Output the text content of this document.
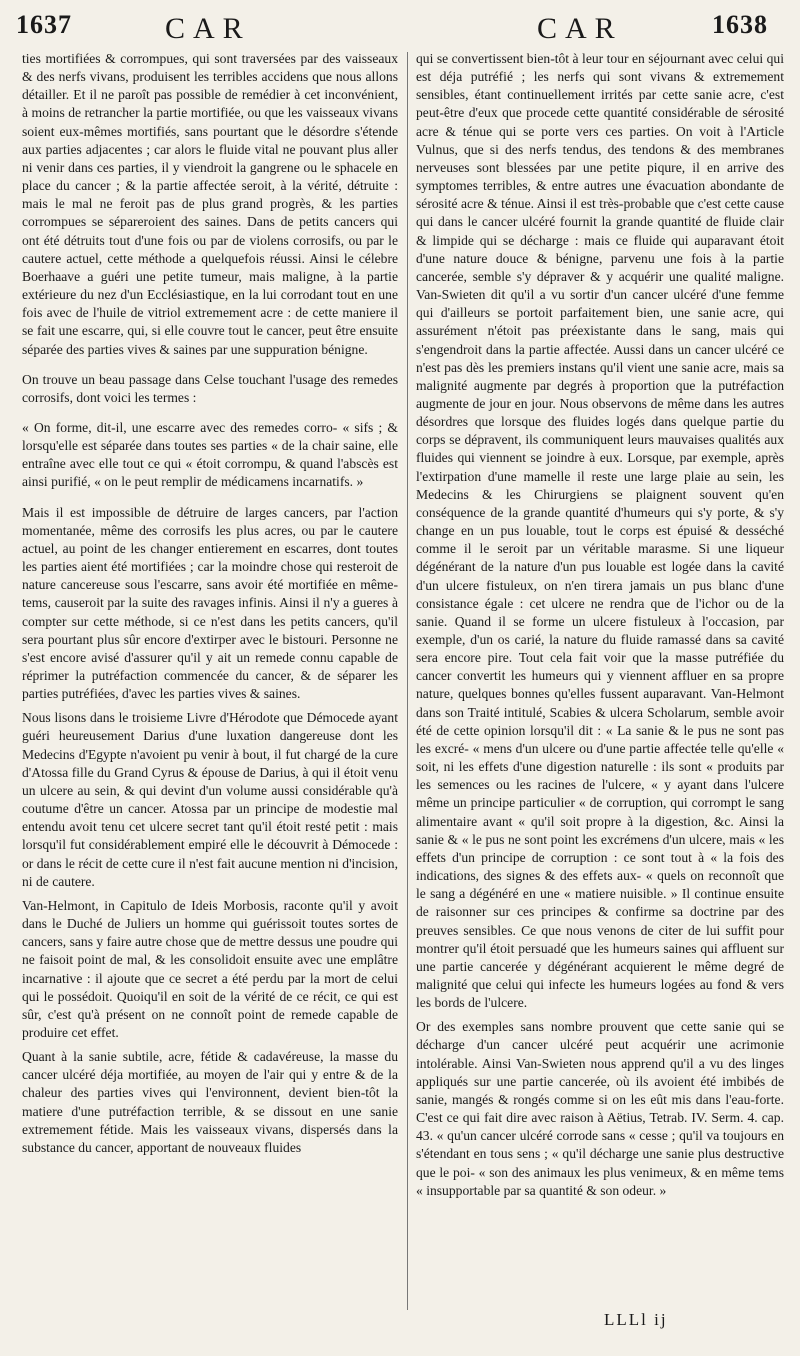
1637	CAR	CAR	1638

ties mortifiées & corrompues, qui sont traversées par des vaisseaux & des nerfs vivans, produisent les terribles accidens que nous allons détailler. Et il ne paroît pas possible de remédier à cet inconvénient, à moins de retrancher la partie mortifiée, ou que les vaisseaux vivans soient eux-mêmes mortifiés, sans pourtant que le désordre s'étende aux parties adjacentes ; car alors le fluide vital ne pouvant plus aller ni venir dans ces parties, il y viendroit la gangrene ou le sphacele en place du cancer ; & la partie affectée seroit, à la vérité, détruite : mais le mal ne feroit pas de plus grand progrès, & les parties corrompues se sépareroient des saines. Dans de petits cancers qui ont été détruits tout d'une fois ou par de violens corrosifs, ou par le cautere actuel, cette méthode a quelquefois réussi. Ainsi le célebre Boerhaave a guéri une petite tumeur, mais maligne, à la partie extérieure du nez d'un Ecclésiastique, en la lui corrodant tout en une fois avec de l'huile de vitriol extremement acre : de cette maniere il se fait une escarre, qui, si elle couvre tout le cancer, peut être ensuite séparée des parties vives & saines par une suppuration bénigne.

On trouve un beau passage dans Celse touchant l'usage des remedes corrosifs, dont voici les termes :

« On forme, dit-il, une escarre avec des remedes corro- « sifs ; & lorsqu'elle est séparée dans toutes ses parties « de la chair saine, elle entraîne avec elle tout ce qui « étoit corrompu, & quand l'abscès est ainsi purifié, « on le peut remplir de médicamens incarnatifs. »

Mais il est impossible de détruire de larges cancers, par l'action momentanée, même des corrosifs les plus acres, ou par le cautere actuel, au point de les changer entierement en escarres, dont toutes les parties aient été mortifiées ; car la moindre chose qui resteroit de nature cancereuse sous l'escarre, sans avoir été mortifiée en même-tems, causeroit par la suite des ravages infinis. Ainsi il n'y a gueres à compter sur cette méthode, si ce n'est dans les petits cancers, qu'il sera pourtant plus sûr encore d'extirper avec le bistouri. Personne ne s'est encore avisé d'assurer qu'il y ait un remede connu capable de réprimer la putréfaction commencée du cancer, & de séparer les parties putréfiées, d'avec les parties vives & saines.

Nous lisons dans le troisieme Livre d'Hérodote que Démocede ayant guéri heureusement Darius d'une luxation dangereuse dont les Medecins d'Egypte n'avoient pu venir à bout, il fut chargé de la cure d'Atossa fille du Grand Cyrus & épouse de Darius, à qui il étoit venu un ulcere au sein, & qui devint d'un volume aussi considérable qu'à coutume d'être un cancer. Atossa par un principe de modestie mal entendu avoit tenu cet ulcere secret tant qu'il étoit resté petit : mais lorsqu'il fut considérablement empiré elle le découvrit à Démocede : or dans le récit de cette cure il n'est fait aucune mention ni d'incision, ni de cautere.

Van-Helmont, in Capitulo de Ideis Morbosis, raconte qu'il y avoit dans le Duché de Juliers un homme qui guérissoit toutes sortes de cancers, sans y faire autre chose que de mettre dessus une poudre qui ne faisoit point de mal, & les consolidoit ensuite avec une emplâtre incarnative : il ajoute que ce secret a été perdu par la mort de celui qui le possédoit. Quoiqu'il en soit de la vérité de ce récit, ce qui est sûr, c'est qu'à présent on ne connoît point de remede capable de produire cet effet.

Quant à la sanie subtile, acre, fétide & cadavéreuse, la masse du cancer ulcéré déja mortifiée, au moyen de l'air qui y entre & de la chaleur des parties vives qui l'environnent, devient bien-tôt la matiere d'une putréfaction terrible, & se dissout en une sanie extremement fétide. Mais les vaisseaux vivans, dispersés dans la substance du cancer, apportant de nouveaux fluides

qui se convertissent bien-tôt à leur tour en séjournant avec celui qui est déja putréfié ; les nerfs qui sont vivans & extremement sensibles, étant continuellement irrités par cette sanie acre, c'est peut-être d'eux que procede cette quantité considérable de sérosité acre & ténue qui se porte vers ces parties. On voit à l'Article Vulnus, que si des nerfs tendus, des tendons & des membranes nerveuses sont blessées par une petite piqure, il en arrive des symptomes terribles, & entre autres une évacuation abondante de sérosité acre & ténue. Ainsi il est très-probable que c'est cette cause qui dans le cancer ulcéré fournit la grande quantité de fluide clair & limpide qui se décharge : mais ce fluide qui auparavant étoit d'une nature douce & bénigne, parvenu une fois à la partie cancerée, semble s'y dépraver & y acquérir une qualité maligne. Van-Swieten dit qu'il a vu sortir d'un cancer ulcéré d'une femme qui d'ailleurs se portoit parfaitement bien, une sanie acre, qui assurément n'étoit pas préexistante dans le sang, mais qui s'engendroit dans la partie affectée. Aussi dans un cancer ulcéré ce n'est pas dès les premiers instans qu'il vient une sanie acre, mais sa malignité augmente par degrés à proportion que la putréfaction augmente de jour en jour. Nous observons de même dans les autres désordres que lorsque des fluides logés dans quelque partie du corps se dépravent, ils communiquent leurs mauvaises qualités aux fluides qui viennent se joindre à eux. Lorsque, par exemple, après l'extirpation d'une mamelle il reste une large plaie au sein, les Medecins & les Chirurgiens se plaignent souvent qu'en conséquence de la grande quantité d'humeurs qui s'y porte, & s'y change en un pus louable, tout le corps est épuisé & desséché comme il le seroit par un véritable marasme. Si une liqueur dégénérant de la nature d'un pus louable est logée dans la cavité d'un ulcere fistuleux, on n'en tirera jamais un pus blanc d'une consistance égale : cet ulcere ne rendra que de l'ichor ou de la sanie. Quand il se forme un ulcere fistuleux à l'occasion, par exemple, d'un os carié, la nature du fluide ramassé dans sa cavité sera encore pire. Tout cela fait voir que la masse putréfiée du cancer convertit les humeurs qui y viennent affluer en sa propre nature, quelques bonnes qu'elles fussent auparavant. Van-Helmont dans son Traité intitulé, Scabies & ulcera Scholarum, semble avoir été de cette opinion lorsqu'il dit : « La sanie & le pus ne sont pas les excré- « mens d'un ulcere ou d'une partie affectée telle qu'elle « soit, ni les effets d'une digestion naturelle : ils sont « produits par les semences ou les racines de l'ulcere, « y ayant dans l'ulcere même un principe particulier « de corruption, qui corrompt le sang alimentaire avant « qu'il soit propre à la digestion, &c. Ainsi la sanie & « le pus ne sont point les excrémens d'un ulcere, mais « les effets d'un principe de corruption : ce sont tout à « la fois des indications, des signes & des effets aux- « quels on reconnoît que le sang a dégénéré en une « matiere nuisible. » Il continue ensuite de raisonner sur ces principes & confirme sa doctrine par des preuves sensibles. Ce que nous venons de citer de lui suffit pour montrer qu'il étoit persuadé que les humeurs saines qui affluent sur une partie cancerée y dégénérant acquierent le même degré de malignité que celui qui infecte les humeurs logées au fond & vers les bords de l'ulcere.

Or des exemples sans nombre prouvent que cette sanie qui se décharge d'un cancer ulcéré peut acquérir une acrimonie intolérable. Ainsi Van-Swieten nous apprend qu'il a vu des linges appliqués sur une partie cancerée, où ils avoient été imbibés de sanie, mangés & rongés comme si on les eût mis dans l'eau-forte. C'est ce qui fait dire avec raison à Aëtius, Tetrab. IV. Serm. 4. cap. 43. « qu'un cancer ulcéré corrode sans « cesse ; qu'il va toujours en s'étendant en tous sens ; « qu'il décharge une sanie plus destructive que le poi- « son des animaux les plus venimeux, & en même tems « insupportable par sa quantité & son odeur. »

LLLl ij
